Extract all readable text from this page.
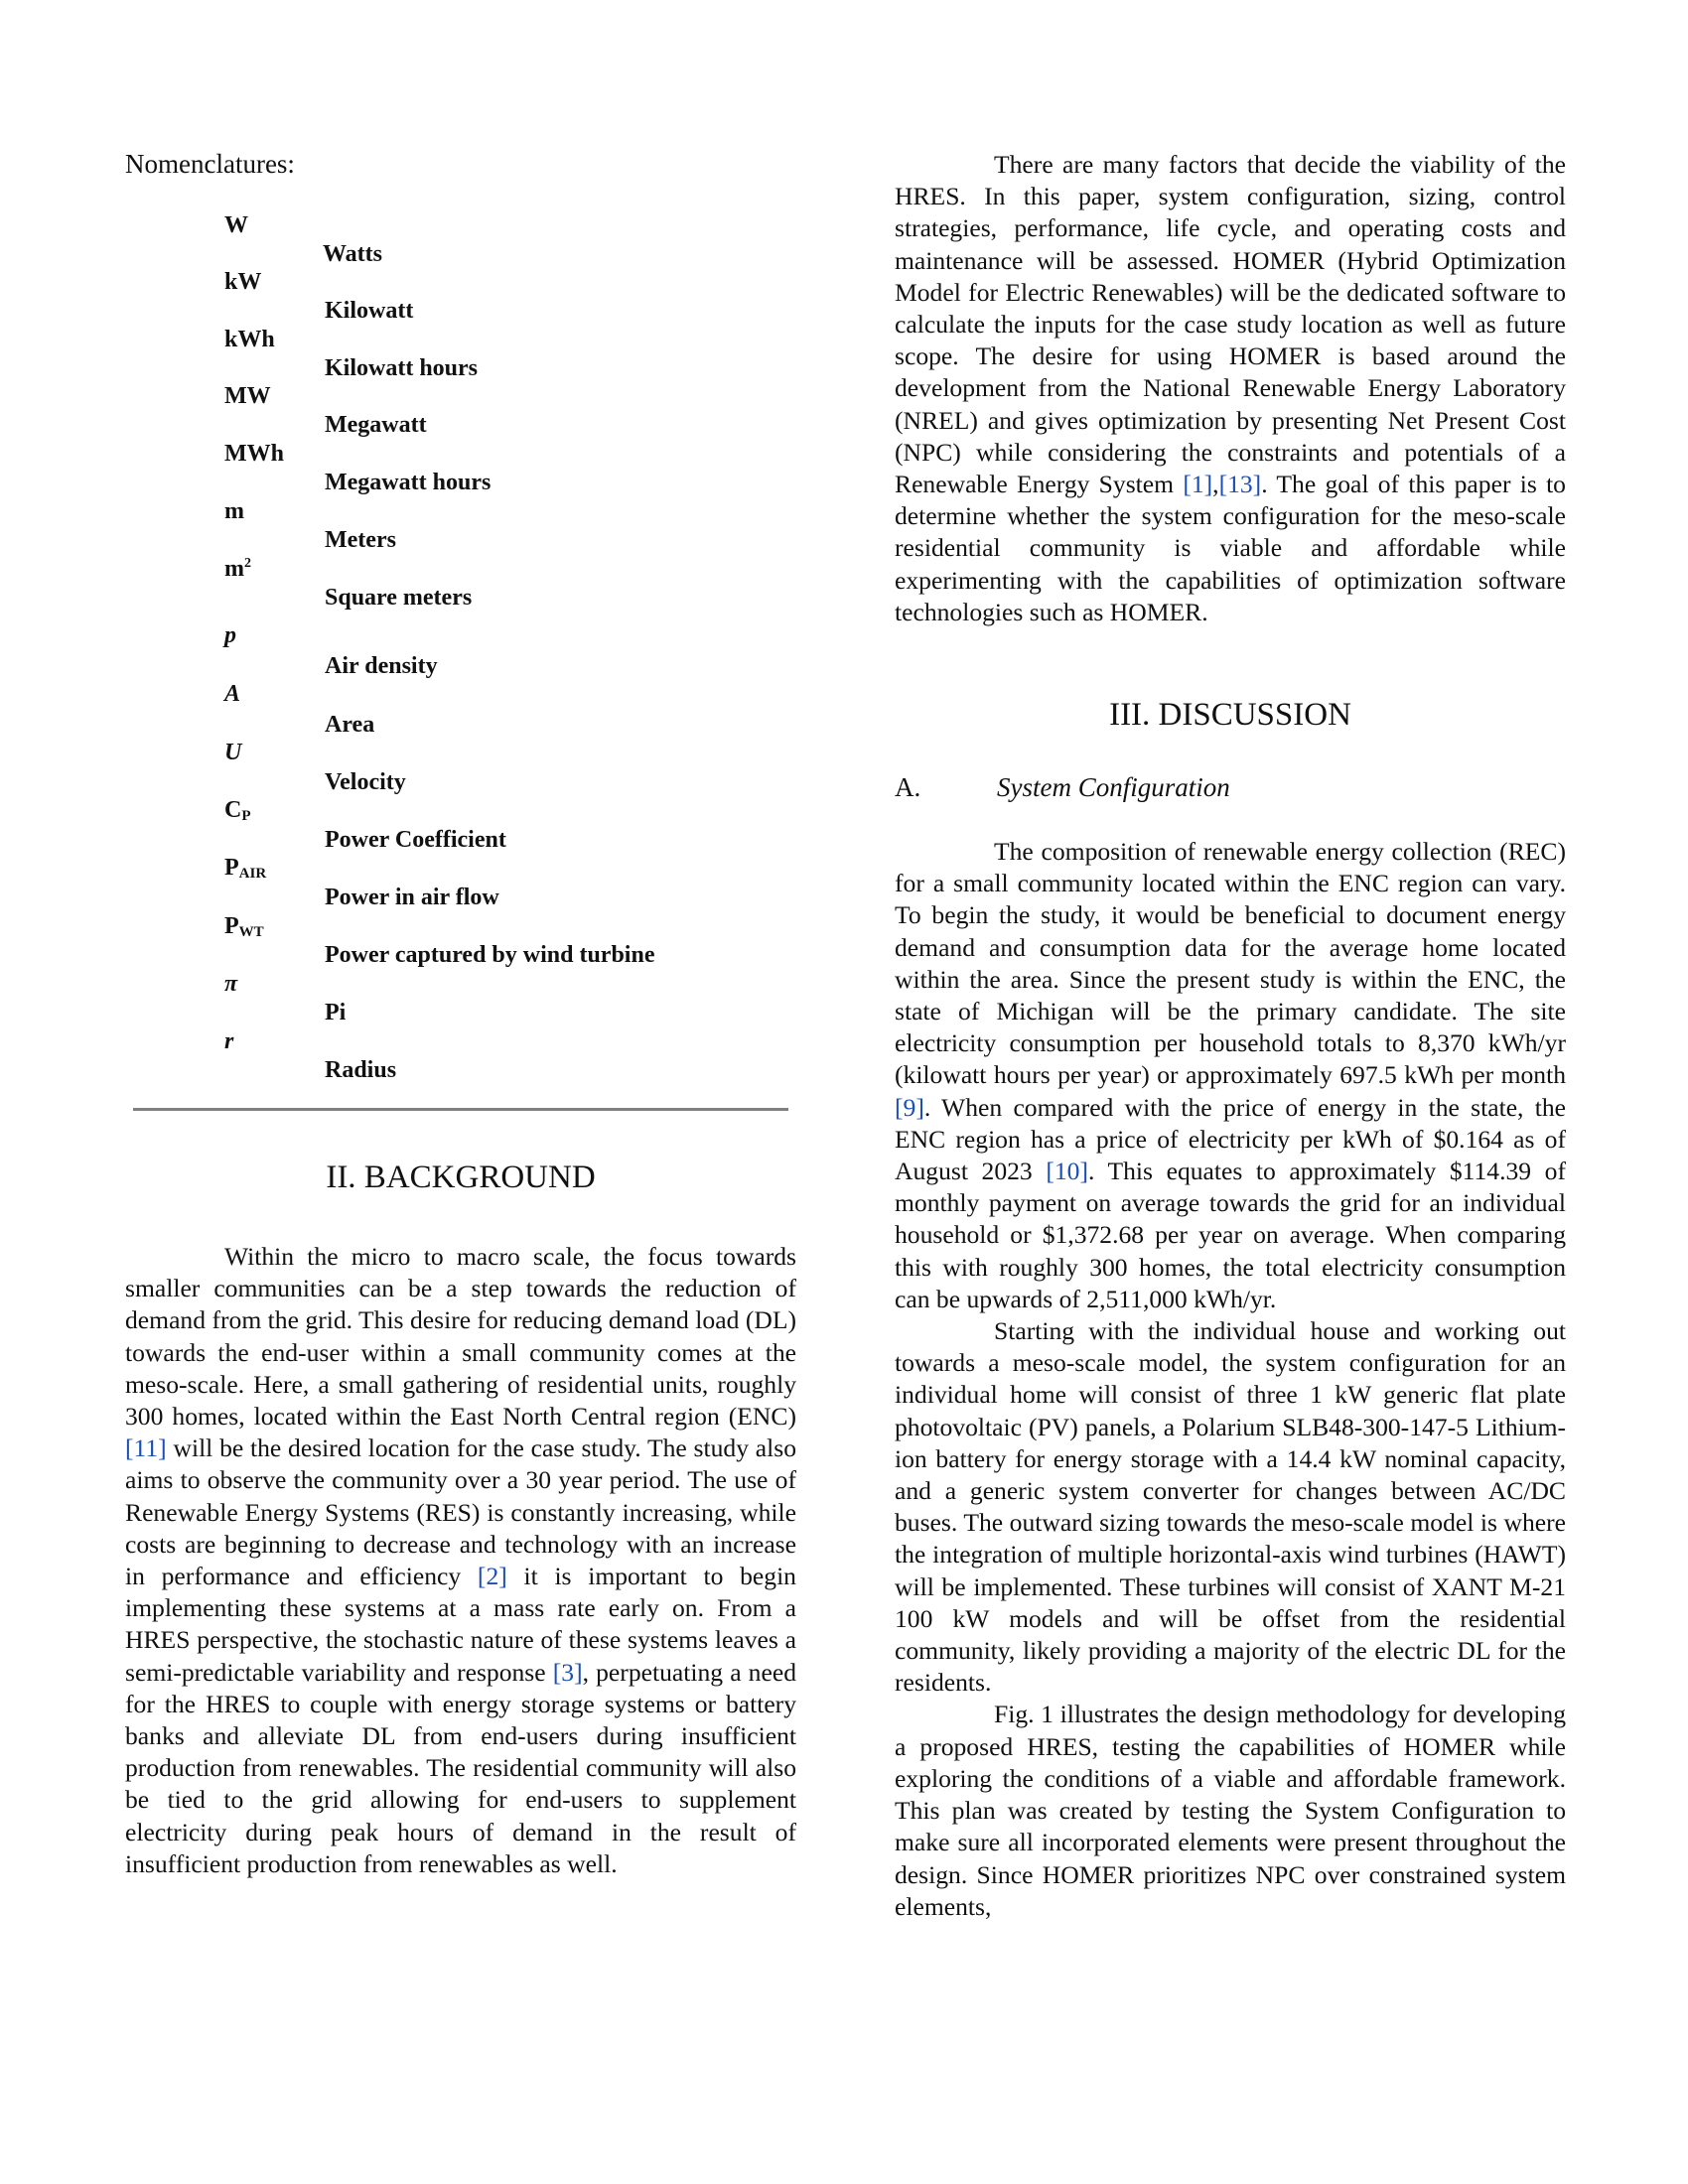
Nomenclatures:
W
Watts
kW
Kilowatt
kWh
Kilowatt hours
MW
Megawatt
MWh
Megawatt hours
m
Meters
$m^2$
Square meters
p
Air density
A
Area
U
Velocity
$C_P$
Power Coefficient
$P_{AIR}$
Power in air flow
$P_{WT}$
Power captured by wind turbine
π
Pi
r
Radius
II. BACKGROUND

Within the micro to macro scale, the focus towards smaller communities can be a step towards the reduction of demand from the grid. This desire for reducing demand load (DL) towards the end-user within a small community comes at the meso-scale. Here, a small gathering of residential units, roughly 300 homes, located within the East North Central region (ENC) [11] will be the desired location for the case study. The study also aims to observe the community over a 30 year period. The use of Renewable Energy Systems (RES) is constantly increasing, while costs are beginning to decrease and technology with an increase in performance and efficiency [2] it is important to begin implementing these systems at a mass rate early on. From a HRES perspective, the stochastic nature of these systems leaves a semi-predictable variability and response [3], perpetuating a need for the HRES to couple with energy storage systems or battery banks and alleviate DL from end-users during insufficient production from renewables. The residential community will also be tied to the grid allowing for end-users to supplement electricity during peak hours of demand in the result of insufficient production from renewables as well.

There are many factors that decide the viability of the HRES. In this paper, system configuration, sizing, control strategies, performance, life cycle, and operating costs and maintenance will be assessed. HOMER (Hybrid Optimization Model for Electric Renewables) will be the dedicated software to calculate the inputs for the case study location as well as future scope. The desire for using HOMER is based around the development from the National Renewable Energy Laboratory (NREL) and gives optimization by presenting Net Present Cost (NPC) while considering the constraints and potentials of a Renewable Energy System [1],[13]. The goal of this paper is to determine whether the system configuration for the meso-scale residential community is viable and affordable while experimenting with the capabilities of optimization software technologies such as HOMER.

III. DISCUSSION
A.	System Configuration

The composition of renewable energy collection (REC) for a small community located within the ENC region can vary. To begin the study, it would be beneficial to document energy demand and consumption data for the average home located within the area. Since the present study is within the ENC, the state of Michigan will be the primary candidate. The site electricity consumption per household totals to 8,370 kWh/yr (kilowatt hours per year) or approximately 697.5 kWh per month [9]. When compared with the price of energy in the state, the ENC region has a price of electricity per kWh of $0.164 as of August 2023 [10]. This equates to approximately $114.39 of monthly payment on average towards the grid for an individual household or $1,372.68 per year on average. When comparing this with roughly 300 homes, the total electricity consumption can be upwards of 2,511,000 kWh/yr.
Starting with the individual house and working out towards a meso-scale model, the system configuration for an individual home will consist of three 1 kW generic flat plate photovoltaic (PV) panels, a Polarium SLB48-300-147-5 Lithium-ion battery for energy storage with a 14.4 kW nominal capacity, and a generic system converter for changes between AC/DC buses. The outward sizing towards the meso-scale model is where the integration of multiple horizontal-axis wind turbines (HAWT) will be implemented. These turbines will consist of XANT M-21 100 kW models and will be offset from the residential community, likely providing a majority of the electric DL for the residents.
Fig. 1 illustrates the design methodology for developing a proposed HRES, testing the capabilities of HOMER while exploring the conditions of a viable and affordable framework. This plan was created by testing the System Configuration to make sure all incorporated elements were present throughout the design. Since HOMER prioritizes NPC over constrained system elements,
